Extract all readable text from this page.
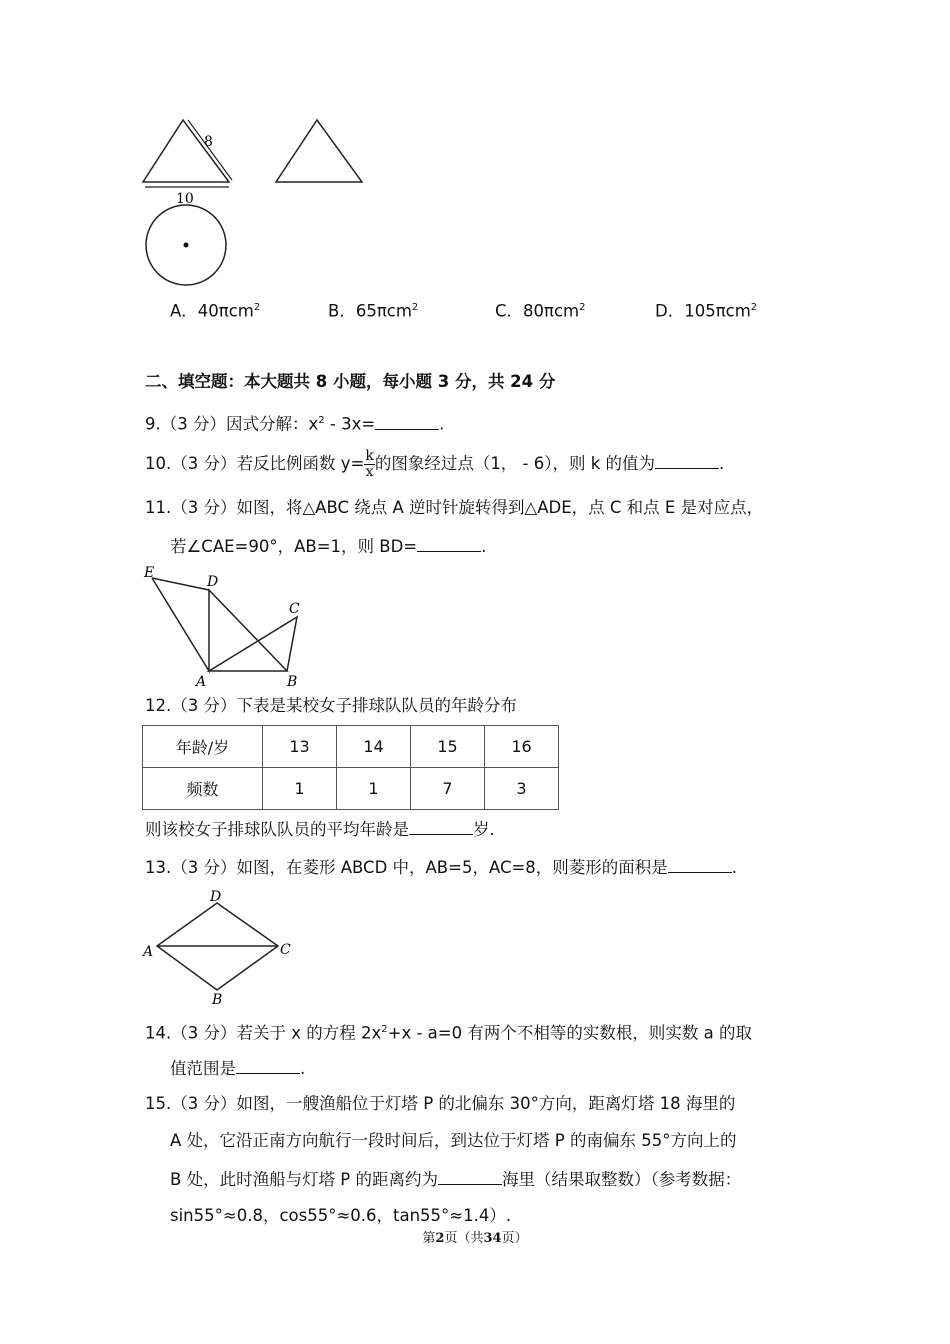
8
10
A．40πcm$^2$	B．65πcm$^2$	C．80πcm$^2$	D．105πcm$^2$
二、填空题：本大题共 8 小题，每小题 3 分，共 24 分
9.（3 分）因式分解：$x^2 - 3x=$	.
10.（3 分）若反比例函数 $y= \frac{k}{x}$ 的图象经过点（1， - 6），则 k 的值为	.
11.（3 分）如图，将△ABC 绕点 A 逆时针旋转得到△ADE，点 C 和点 E 是对应点，
若∠CAE=90°，AB=1，则 BD=	.
E
D
C
A	B
12.（3 分）下表是某校女子排球队队员的年龄分布
年龄/岁	13	14	15	16
频数	1	1	7	3
则该校女子排球队队员的平均年龄是	岁.
13.（3 分）如图，在菱形 ABCD 中，AB=5，AC=8，则菱形的面积是	.
D
A	C
B
14.（3 分）若关于 x 的方程 $2x^2+x - a=0$ 有两个不相等的实数根，则实数 a 的取
值范围是	.
15.（3 分）如图，一艘渔船位于灯塔 P 的北偏东 30°方向，距离灯塔 18 海里的
A 处，它沿正南方向航行一段时间后，到达位于灯塔 P 的南偏东 55°方向上的
B 处，此时渔船与灯塔 P 的距离约为	海里（结果取整数）（参考数据：
sin55°≈0.8，cos55°≈0.6，tan55°≈1.4）.
第2页（共34页）
